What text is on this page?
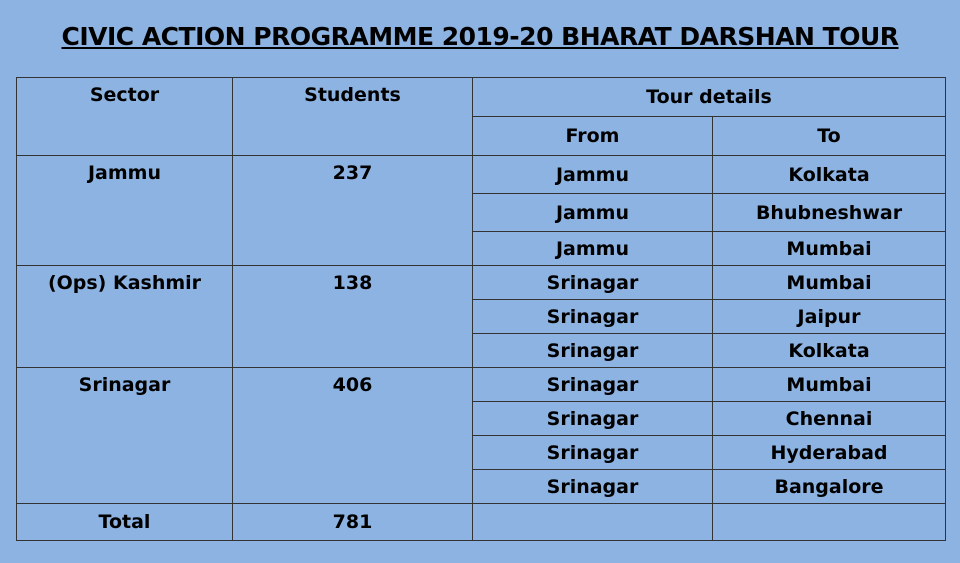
CIVIC ACTION PROGRAMME 2019-20 BHARAT DARSHAN TOUR
Sector	Students	Tour details	
		From	To
Jammu	237	Jammu	Kolkata
		Jammu	Bhubneshwar
		Jammu	Mumbai
(Ops) Kashmir	138	Srinagar	Mumbai
		Srinagar	Jaipur
		Srinagar	Kolkata
Srinagar	406	Srinagar	Mumbai
		Srinagar	Chennai
		Srinagar	Hyderabad
		Srinagar	Bangalore
Total	781		
